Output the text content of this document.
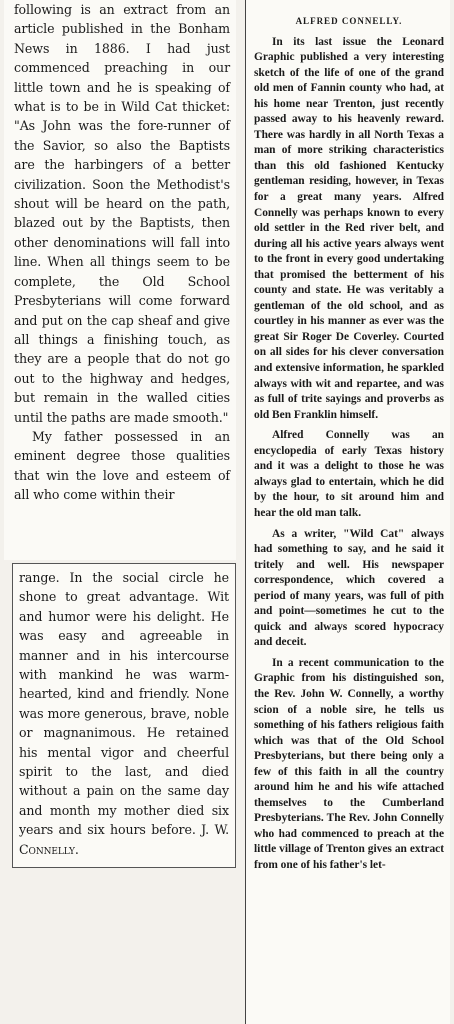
following is an extract from an article published in the Bonham News in 1886. I had just commenced preaching in our little town and he is speaking of what is to be in Wild Cat thicket: "As John was the fore-runner of the Savior, so also the Baptists are the harbingers of a better civilization. Soon the Methodist's shout will be heard on the path, blazed out by the Baptists, then other denominations will fall into line. When all things seem to be complete, the Old School Presbyterians will come forward and put on the cap sheaf and give all things a finishing touch, as they are a people that do not go out to the highway and hedges, but remain in the walled cities until the paths are made smooth."

My father possessed in an eminent degree those qualities that win the love and esteem of all who come within their

range. In the social circle he shone to great advantage. Wit and humor were his delight. He was easy and agreeable in manner and in his intercourse with mankind he was warm-hearted, kind and friendly. None was more generous, brave, noble or magnanimous. He retained his mental vigor and cheerful spirit to the last, and died without a pain on the same day and month my mother died six years and six hours before. J. W. Connelly.

ALFRED CONNELLY.

In its last issue the Leonard Graphic published a very interesting sketch of the life of one of the grand old men of Fannin county who had, at his home near Trenton, just recently passed away to his heavenly reward. There was hardly in all North Texas a man of more striking characteristics than this old fashioned Kentucky gentleman residing, however, in Texas for a great many years. Alfred Connelly was perhaps known to every old settler in the Red river belt, and during all his active years always went to the front in every good undertaking that promised the betterment of his county and state. He was veritably a gentleman of the old school, and as courtley in his manner as ever was the great Sir Roger De Coverley. Courted on all sides for his clever conversation and extensive information, he sparkled always with wit and repartee, and was as full of trite sayings and proverbs as old Ben Franklin himself.

Alfred Connelly was an encyclopedia of early Texas history and it was a delight to those he was always glad to entertain, which he did by the hour, to sit around him and hear the old man talk.

As a writer, "Wild Cat" always had something to say, and he said it tritely and well. His newspaper correspondence, which covered a period of many years, was full of pith and point—sometimes he cut to the quick and always scored hypocracy and deceit.

In a recent communication to the Graphic from his distinguished son, the Rev. John W. Connelly, a worthy scion of a noble sire, he tells us something of his fathers religious faith which was that of the Old School Presbyterians, but there being only a few of this faith in all the country around him he and his wife attached themselves to the Cumberland Presbyterians. The Rev. John Connelly who had commenced to preach at the little village of Trenton gives an extract from one of his father's let-
